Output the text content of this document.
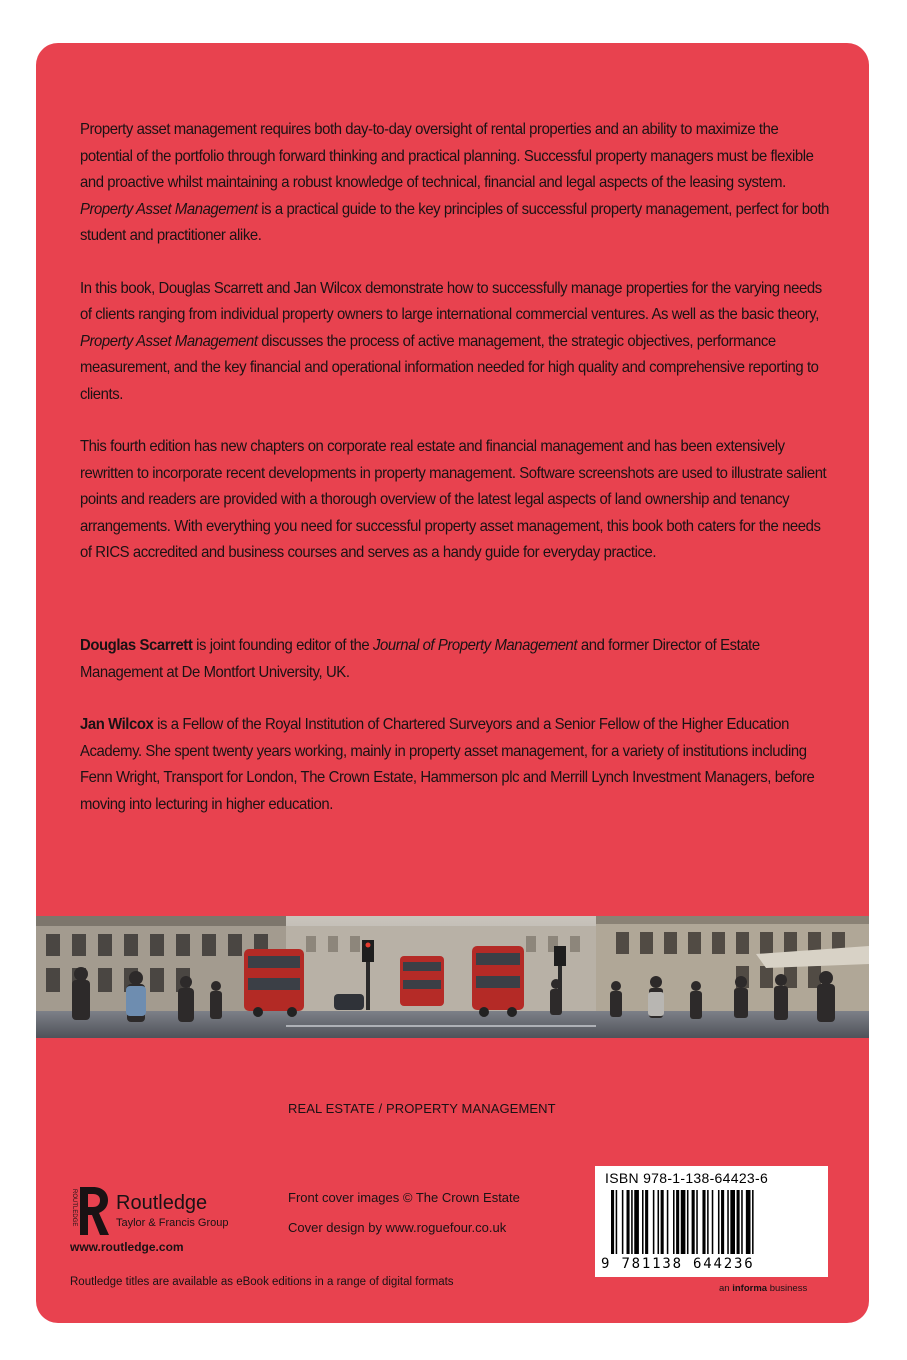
Property asset management requires both day-to-day oversight of rental properties and an ability to maximize the potential of the portfolio through forward thinking and practical planning. Successful property managers must be flexible and proactive whilst maintaining a robust knowledge of technical, financial and legal aspects of the leasing system. Property Asset Management is a practical guide to the key principles of successful property management, perfect for both student and practitioner alike.

In this book, Douglas Scarrett and Jan Wilcox demonstrate how to successfully manage properties for the varying needs of clients ranging from individual property owners to large international commercial ventures. As well as the basic theory, Property Asset Management discusses the process of active management, the strategic objectives, performance measurement, and the key financial and operational information needed for high quality and comprehensive reporting to clients.

This fourth edition has new chapters on corporate real estate and financial management and has been extensively rewritten to incorporate recent developments in property management. Software screenshots are used to illustrate salient points and readers are provided with a thorough overview of the latest legal aspects of land ownership and tenancy arrangements. With everything you need for successful property asset management, this book both caters for the needs of RICS accredited and business courses and serves as a handy guide for everyday practice.

Douglas Scarrett is joint founding editor of the Journal of Property Management and former Director of Estate Management at De Montfort University, UK.

Jan Wilcox is a Fellow of the Royal Institution of Chartered Surveyors and a Senior Fellow of the Higher Education Academy. She spent twenty years working, mainly in property asset management, for a variety of institutions including Fenn Wright, Transport for London, The Crown Estate, Hammerson plc and Merrill Lynch Investment Managers, before moving into lecturing in higher education.

REAL ESTATE / PROPERTY MANAGEMENT
ROUTLEDGE Routledge
Taylor & Francis Group
www.routledge.com
Front cover images © The Crown Estate
Cover design by www.roguefour.co.uk
Routledge titles are available as eBook editions in a range of digital formats
ISBN 978-1-138-64423-6
9 781138 644236
an informa business
